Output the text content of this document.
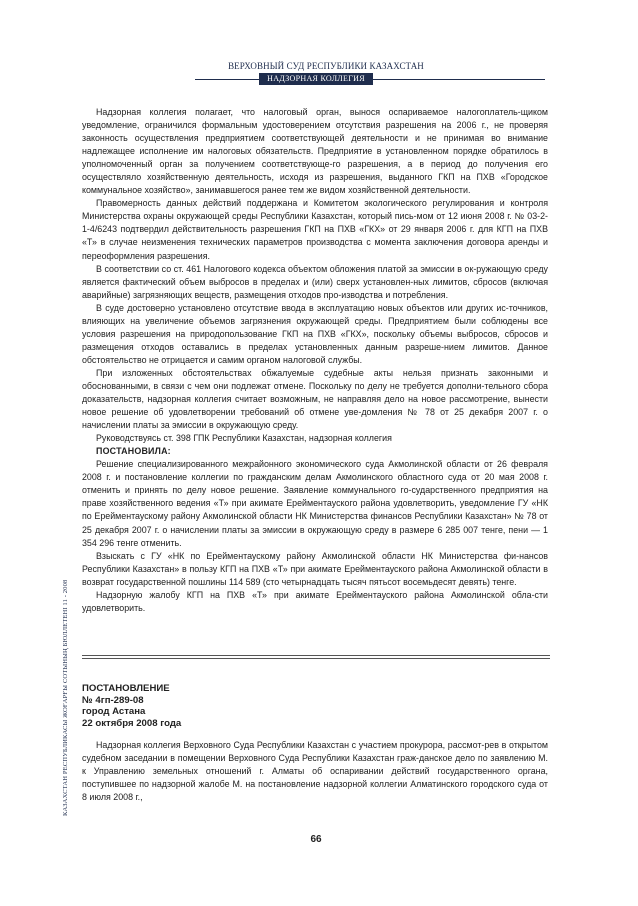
ВЕРХОВНЫЙ СУД РЕСПУБЛИКИ КАЗАХСТАН
НАДЗОРНАЯ КОЛЛЕГИЯ
КАЗАХСТАН РЕСПУБЛИКАСЫ ЖОҒАРҒЫ СОТЫНЫҢ БЮЛЛЕТЕНІ 11 - 2008

Надзорная коллегия полагает, что налоговый орган, вынося оспариваемое налогоплатель-щиком уведомление, ограничился формальным удостоверением отсутствия разрешения на 2006 г., не проверяя законность осуществления предприятием соответствующей деятельности и не принимая во внимание надлежащее исполнение им налоговых обязательств. Предприятие в установленном порядке обратилось в уполномоченный орган за получением соответствующе-го разрешения, а в период до получения его осуществляло хозяйственную деятельность, исходя из разрешения, выданного ГКП на ПХВ «Городское коммунальное хозяйство», занимавшегося ранее тем же видом хозяйственной деятельности.

Правомерность данных действий поддержана и Комитетом экологического регулирования и контроля Министерства охраны окружающей среды Республики Казахстан, который пись-мом от 12 июня 2008 г. № 03-2-1-4/6243 подтвердил действительность разрешения ГКП на ПХВ «ГКХ» от 29 января 2006 г. для КГП на ПХВ «Т» в случае неизменения технических параметров производства с момента заключения договора аренды и переоформления разрешения.

В соответствии со ст. 461 Налогового кодекса объектом обложения платой за эмиссии в ок-ружающую среду является фактический объем выбросов в пределах и (или) сверх установлен-ных лимитов, сбросов (включая аварийные) загрязняющих веществ, размещения отходов про-изводства и потребления.

В суде достоверно установлено отсутствие ввода в эксплуатацию новых объектов или других ис-точников, влияющих на увеличение объемов загрязнения окружающей среды. Предприятием были соблюдены все условия разрешения на природопользование ГКП на ПХВ «ГКХ», поскольку объемы выбросов, сбросов и размещения отходов оставались в пределах установленных данным разреше-нием лимитов. Данное обстоятельство не отрицается и самим органом налоговой службы.

При изложенных обстоятельствах обжалуемые судебные акты нельзя признать законными и обоснованными, в связи с чем они подлежат отмене. Поскольку по делу не требуется дополни-тельного сбора доказательств, надзорная коллегия считает возможным, не направляя дело на новое рассмотрение, вынести новое решение об удовлетворении требований об отмене уве-домления № 78 от 25 декабря 2007 г. о начислении платы за эмиссии в окружающую среду.

Руководствуясь ст. 398 ГПК Республики Казахстан, надзорная коллегия

ПОСТАНОВИЛА:

Решение специализированного межрайонного экономического суда Акмолинской области от 26 февраля 2008 г. и постановление коллегии по гражданским делам Акмолинского областного суда от 20 мая 2008 г. отменить и принять по делу новое решение. Заявление коммунального го-сударственного предприятия на праве хозяйственного ведения «Т» при акимате Ерейментауского района удовлетворить, уведомление ГУ «НК по Ерейментаускому району Акмолинской области НК Министерства финансов Республики Казахстан» № 78 от 25 декабря 2007 г. о начислении платы за эмиссии в окружающую среду в размере 6 285 007 тенге, пени — 1 354 296 тенге отменить.

Взыскать с ГУ «НК по Ерейментаускому району Акмолинской области НК Министерства фи-нансов Республики Казахстан» в пользу КГП на ПХВ «Т» при акимате Ерейментауского района Акмолинской области в возврат государственной пошлины 114 589 (сто четырнадцать тысяч пятьсот восемьдесят девять) тенге.

Надзорную жалобу КГП на ПХВ «Т» при акимате Ерейментауского района Акмолинской обла-сти удовлетворить.

ПОСТАНОВЛЕНИЕ
№ 4гп-289-08
город Астана
22 октября 2008 года

Надзорная коллегия Верховного Суда Республики Казахстан с участием прокурора, рассмот-рев в открытом судебном заседании в помещении Верховного Суда Республики Казахстан граж-данское дело по заявлению М. к Управлению земельных отношений г. Алматы об оспаривании действий государственного органа, поступившее по надзорной жалобе М. на постановление надзорной коллегии Алматинского городского суда от 8 июля 2008 г.,

66
